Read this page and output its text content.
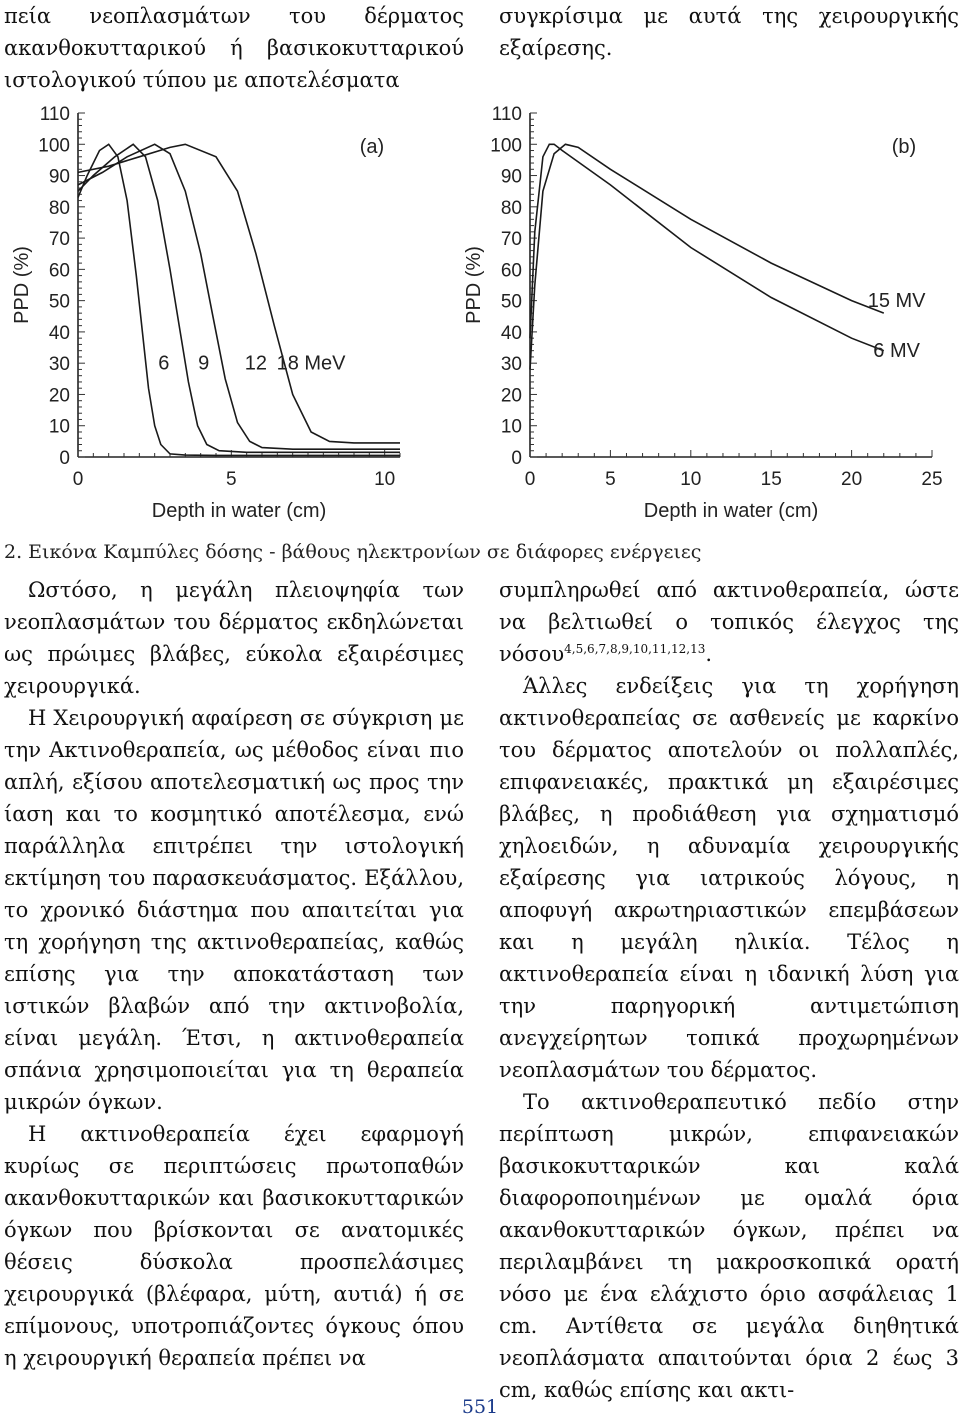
πεία νεοπλασμάτων του δέρματος ακανθοκυτταρικού ή βασικοκυτταρικού ιστολογικού τύπου με αποτελέσματα

συγκρίσιμα με αυτά της χειρουργικής εξαίρεσης.

0
10
20
30
40
50
60
70
80
90
100
110
0	5	10
Depth in water (cm)
PPD (%)
(a)
6 9 12 18 MeV
0
10
20
30
40
50
60
70
80
90
100
110
0	5	10	15	20	25
Depth in water (cm)
PPD (%)
(b)
15 MV
6 MV
2. Εικόνα Καμπύλες δόσης - βάθους ηλεκτρονίων σε διάφορες ενέργειες

Ωστόσο, η μεγάλη πλειοψηφία των νεοπλασμάτων του δέρματος εκδηλώνεται ως πρώιμες βλάβες, εύκολα εξαιρέσιμες χειρουργικά.

Η Χειρουργική αφαίρεση σε σύγκριση με την Ακτινοθεραπεία, ως μέθοδος είναι πιο απλή, εξίσου αποτελεσματική ως προς την ίαση και το κοσμητικό αποτέλεσμα, ενώ παράλληλα επιτρέπει την ιστολογική εκτίμηση του παρασκευάσματος. Εξάλλου, το χρονικό διάστημα που απαιτείται για τη χορήγηση της ακτινοθεραπείας, καθώς επίσης για την αποκατάσταση των ιστικών βλαβών από την ακτινοβολία, είναι μεγάλη. Έτσι, η ακτινοθεραπεία σπάνια χρησιμοποιείται για τη θεραπεία μικρών όγκων.

Η ακτινοθεραπεία έχει εφαρμογή κυρίως σε περιπτώσεις πρωτοπαθών ακανθοκυτταρικών και βασικοκυτταρικών όγκων που βρίσκονται σε ανατομικές θέσεις δύσκολα προσπελάσιμες χειρουργικά (βλέφαρα, μύτη, αυτιά) ή σε επίμονους, υποτροπιάζοντες όγκους όπου η χειρουργική θεραπεία πρέπει να

συμπληρωθεί από ακτινοθεραπεία, ώστε να βελτιωθεί ο τοπικός έλεγχος της νόσου$^{4,5,6,7,8,9,10,11,12,13}$.

Άλλες ενδείξεις για τη χορήγηση ακτινοθεραπείας σε ασθενείς με καρκίνο του δέρματος αποτελούν οι πολλαπλές, επιφανειακές, πρακτικά μη εξαιρέσιμες βλάβες, η προδιάθεση για σχηματισμό χηλοειδών, η αδυναμία χειρουργικής εξαίρεσης για ιατρικούς λόγους, η αποφυγή ακρωτηριαστικών επεμβάσεων και η μεγάλη ηλικία. Τέλος η ακτινοθεραπεία είναι η ιδανική λύση για την παρηγορική αντιμετώπιση ανεγχείρητων τοπικά προχωρημένων νεοπλασμάτων του δέρματος.

Το ακτινοθεραπευτικό πεδίο στην περίπτωση μικρών, επιφανειακών βασικοκυτταρικών και καλά διαφοροποιημένων με ομαλά όρια ακανθοκυτταρικών όγκων, πρέπει να περιλαμβάνει τη μακροσκοπικά ορατή νόσο με ένα ελάχιστο όριο ασφάλειας 1 cm. Αντίθετα σε μεγάλα διηθητικά νεοπλάσματα απαιτούνται όρια 2 έως 3 cm, καθώς επίσης και ακτι-

551
